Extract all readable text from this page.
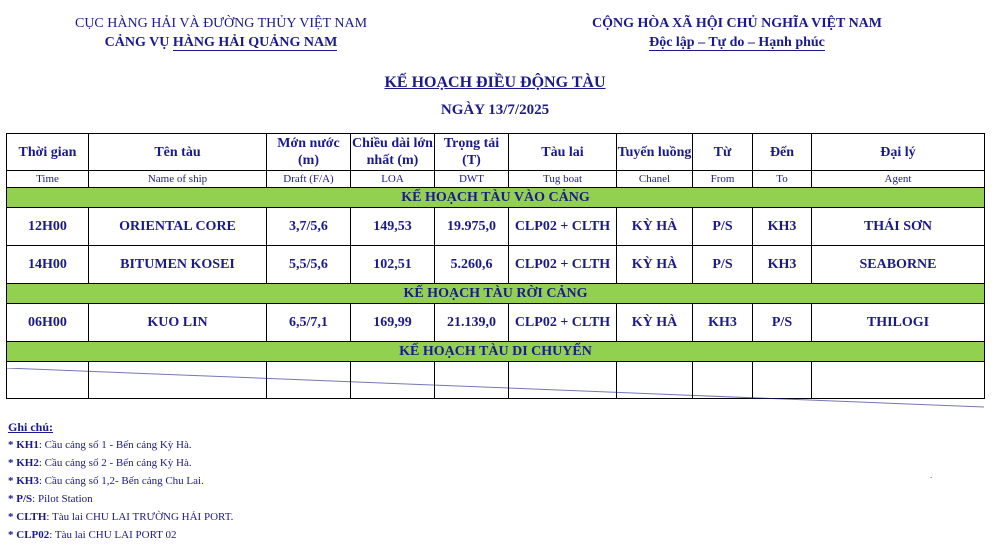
CỤC HÀNG HẢI VÀ ĐƯỜNG THỦY VIỆT NAM
CẢNG VỤ HÀNG HẢI QUẢNG NAM
CỘNG HÒA XÃ HỘI CHỦ NGHĨA VIỆT NAM
Độc lập – Tự do – Hạnh phúc
KẾ HOẠCH ĐIỀU ĐỘNG TÀU
NGÀY 13/7/2025
Thời gian	Tên tàu	Mớn nước (m)	Chiều dài lớn nhất (m)	Trọng tải (T)	Tàu lai	Tuyến luồng	Từ	Đến	Đại lý
Time	Name of ship	Draft (F/A)	LOA	DWT	Tug boat	Chanel	From	To	Agent
KẾ HOẠCH TÀU VÀO CẢNG									
12H00	ORIENTAL CORE	3,7/5,6	149,53	19.975,0	CLP02 + CLTH	KỲ HÀ	P/S	KH3	THÁI SƠN
14H00	BITUMEN KOSEI	5,5/5,6	102,51	5.260,6	CLP02 + CLTH	KỲ HÀ	P/S	KH3	SEABORNE
KẾ HOẠCH TÀU RỜI CẢNG									
06H00	KUO LIN	6,5/7,1	169,99	21.139,0	CLP02 + CLTH	KỲ HÀ	KH3	P/S	THILOGI
KẾ HOẠCH TÀU DI CHUYỂN									

Ghi chú:
* KH1: Cầu cảng số 1 - Bến cảng Kỳ Hà.
* KH2: Cầu cảng số 2 - Bến cảng Kỳ Hà.
* KH3: Cầu cảng số 1,2- Bến cảng Chu Lai.
* P/S: Pilot Station
* CLTH: Tàu lai CHU LAI TRƯỜNG HẢI PORT.
* CLP02: Tàu lai CHU LAI PORT 02
.
